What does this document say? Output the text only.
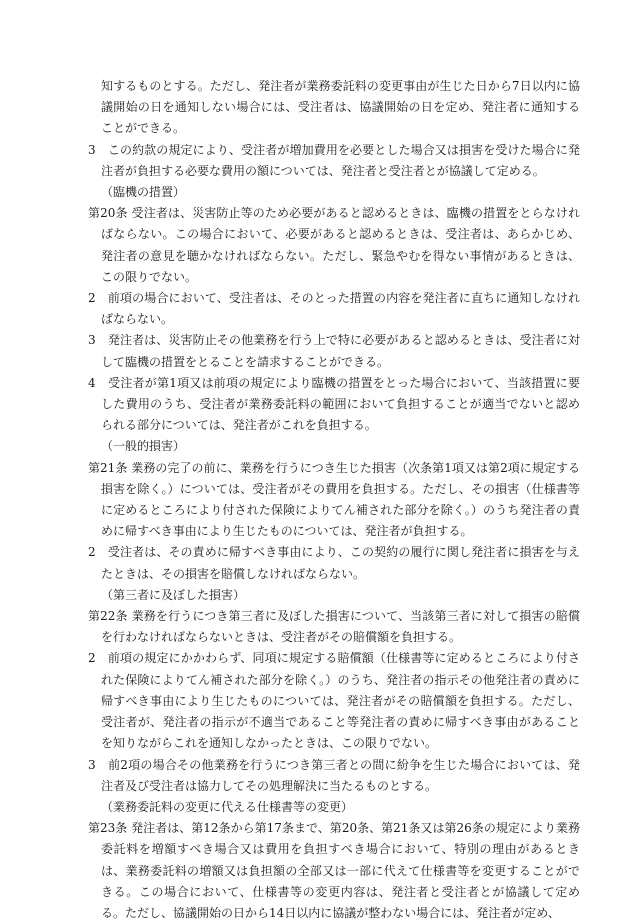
知するものとする。ただし、発注者が業務委託料の変更事由が生じた日から7日以内に協議開始の日を通知しない場合には、受注者は、協議開始の日を定め、発注者に通知することができる。
3　この約款の規定により、受注者が増加費用を必要とした場合又は損害を受けた場合に発注者が負担する必要な費用の額については、発注者と受注者とが協議して定める。
（臨機の措置）
第20条 受注者は、災害防止等のため必要があると認めるときは、臨機の措置をとらなければならない。この場合において、必要があると認めるときは、受注者は、あらかじめ、発注者の意見を聴かなければならない。ただし、緊急やむを得ない事情があるときは、この限りでない。
2　前項の場合において、受注者は、そのとった措置の内容を発注者に直ちに通知しなければならない。
3　発注者は、災害防止その他業務を行う上で特に必要があると認めるときは、受注者に対して臨機の措置をとることを請求することができる。
4　受注者が第1項又は前項の規定により臨機の措置をとった場合において、当該措置に要した費用のうち、受注者が業務委託料の範囲において負担することが適当でないと認められる部分については、発注者がこれを負担する。
（一般的損害）
第21条 業務の完了の前に、業務を行うにつき生じた損害（次条第1項又は第2項に規定する損害を除く。）については、受注者がその費用を負担する。ただし、その損害（仕様書等に定めるところにより付された保険によりてん補された部分を除く。）のうち発注者の責めに帰すべき事由により生じたものについては、発注者が負担する。
2　受注者は、その責めに帰すべき事由により、この契約の履行に関し発注者に損害を与えたときは、その損害を賠償しなければならない。
（第三者に及ぼした損害）
第22条 業務を行うにつき第三者に及ぼした損害について、当該第三者に対して損害の賠償を行わなければならないときは、受注者がその賠償額を負担する。
2　前項の規定にかかわらず、同項に規定する賠償額（仕様書等に定めるところにより付された保険によりてん補された部分を除く。）のうち、発注者の指示その他発注者の責めに帰すべき事由により生じたものについては、発注者がその賠償額を負担する。ただし、受注者が、発注者の指示が不適当であること等発注者の責めに帰すべき事由があることを知りながらこれを通知しなかったときは、この限りでない。
3　前2項の場合その他業務を行うにつき第三者との間に紛争を生じた場合においては、発注者及び受注者は協力してその処理解決に当たるものとする。
（業務委託料の変更に代える仕様書等の変更）
第23条 発注者は、第12条から第17条まで、第20条、第21条又は第26条の規定により業務委託料を増額すべき場合又は費用を負担すべき場合において、特別の理由があるときは、業務委託料の増額又は負担額の全部又は一部に代えて仕様書等を変更することができる。この場合において、仕様書等の変更内容は、発注者と受注者とが協議して定める。ただし、協議開始の日から14日以内に協議が整わない場合には、発注者が定め、
